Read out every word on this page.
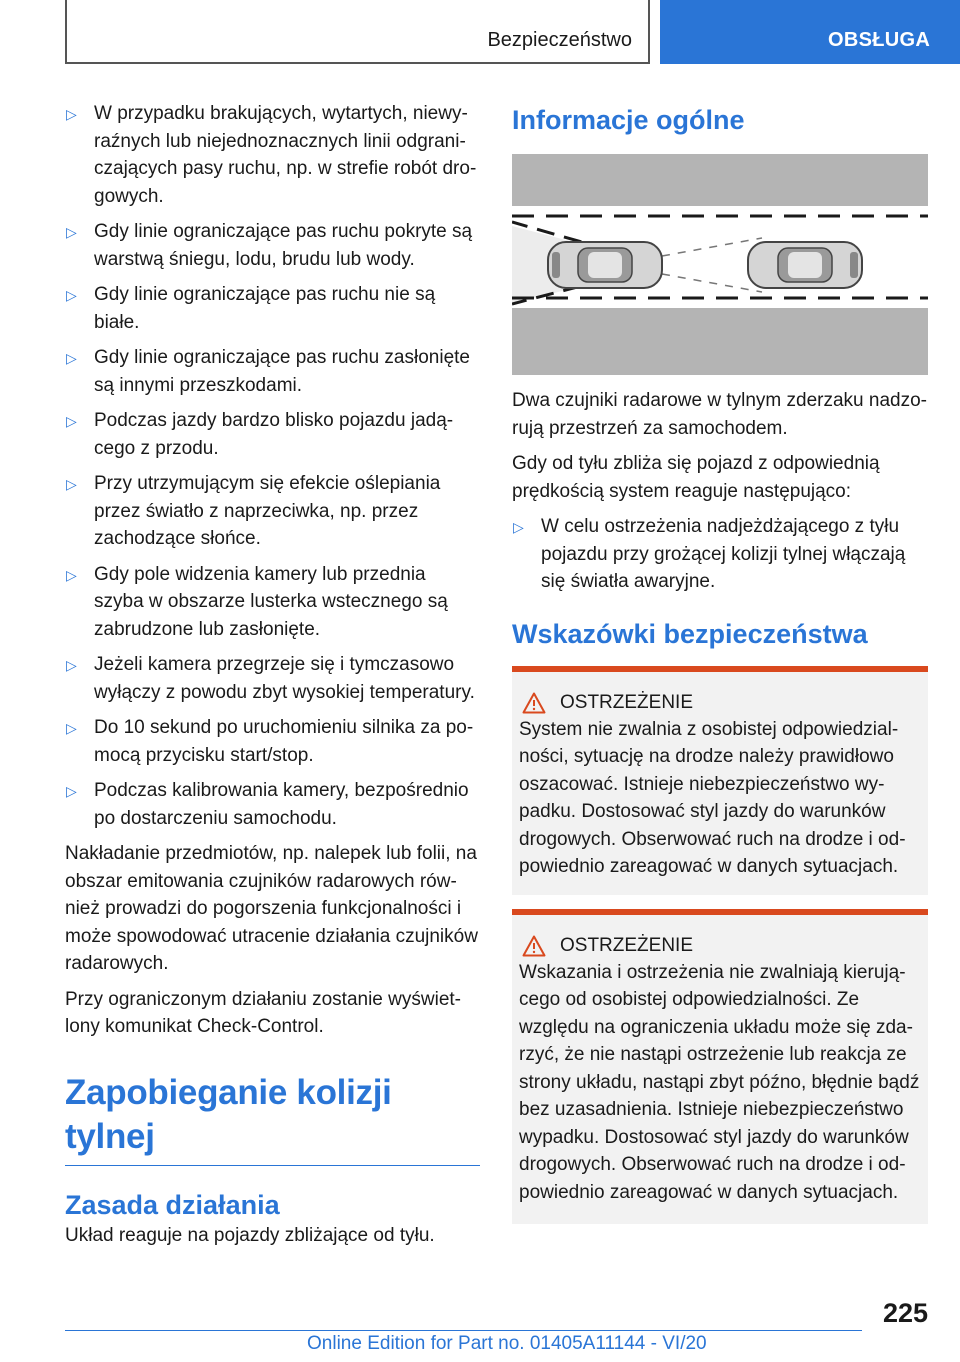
Bezpieczeństwo	OBSŁUGA
▷ W przypadku brakujących, wytartych, niewyraźnych lub niejednoznacznych linii odgraniczających pasy ruchu, np. w strefie robót drogowych.
▷ Gdy linie ograniczające pas ruchu pokryte są warstwą śniegu, lodu, brudu lub wody.
▷ Gdy linie ograniczające pas ruchu nie są białe.
▷ Gdy linie ograniczające pas ruchu zasłonięte są innymi przeszkodami.
▷ Podczas jazdy bardzo blisko pojazdu jadącego z przodu.
▷ Przy utrzymującym się efekcie oślepiania przez światło z naprzeciwka, np. przez zachodzące słońce.
▷ Gdy pole widzenia kamery lub przednia szyba w obszarze lusterka wstecznego są zabrudzone lub zasłonięte.
▷ Jeżeli kamera przegrzeje się i tymczasowo wyłączy z powodu zbyt wysokiej temperatury.
▷ Do 10 sekund po uruchomieniu silnika za pomocą przycisku start/stop.
▷ Podczas kalibrowania kamery, bezpośrednio po dostarczeniu samochodu.

Nakładanie przedmiotów, np. nalepek lub folii, na obszar emitowania czujników radarowych również prowadzi do pogorszenia funkcjonalności i może spowodować utracenie działania czujników radarowych.

Przy ograniczonym działaniu zostanie wyświetlony komunikat Check-Control.

Zapobieganie kolizji tylnej
Zasada działania

Układ reaguje na pojazdy zbliżające od tyłu.

Informacje ogólne

Dwa czujniki radarowe w tylnym zderzaku nadzorują przestrzeń za samochodem.

Gdy od tyłu zbliża się pojazd z odpowiednią prędkością system reaguje następująco:

▷ W celu ostrzeżenia nadjeżdżającego z tyłu pojazdu przy grożącej kolizji tylnej włączają się światła awaryjne.
Wskazówki bezpieczeństwa
OSTRZEŻENIE

System nie zwalnia z osobistej odpowiedzialności, sytuację na drodze należy prawidłowo oszacować. Istnieje niebezpieczeństwo wypadku. Dostosować styl jazdy do warunków drogowych. Obserwować ruch na drodze i odpowiednio zareagować w danych sytuacjach.

OSTRZEŻENIE

Wskazania i ostrzeżenia nie zwalniają kierującego od osobistej odpowiedzialności. Ze względu na ograniczenia układu może się zdarzyć, że nie nastąpi ostrzeżenie lub reakcja ze strony układu, nastąpi zbyt późno, błędnie bądź bez uzasadnienia. Istnieje niebezpieczeństwo wypadku. Dostosować styl jazdy do warunków drogowych. Obserwować ruch na drodze i odpowiednio zareagować w danych sytuacjach.

225
Online Edition for Part no. 01405A11144 - VI/20
